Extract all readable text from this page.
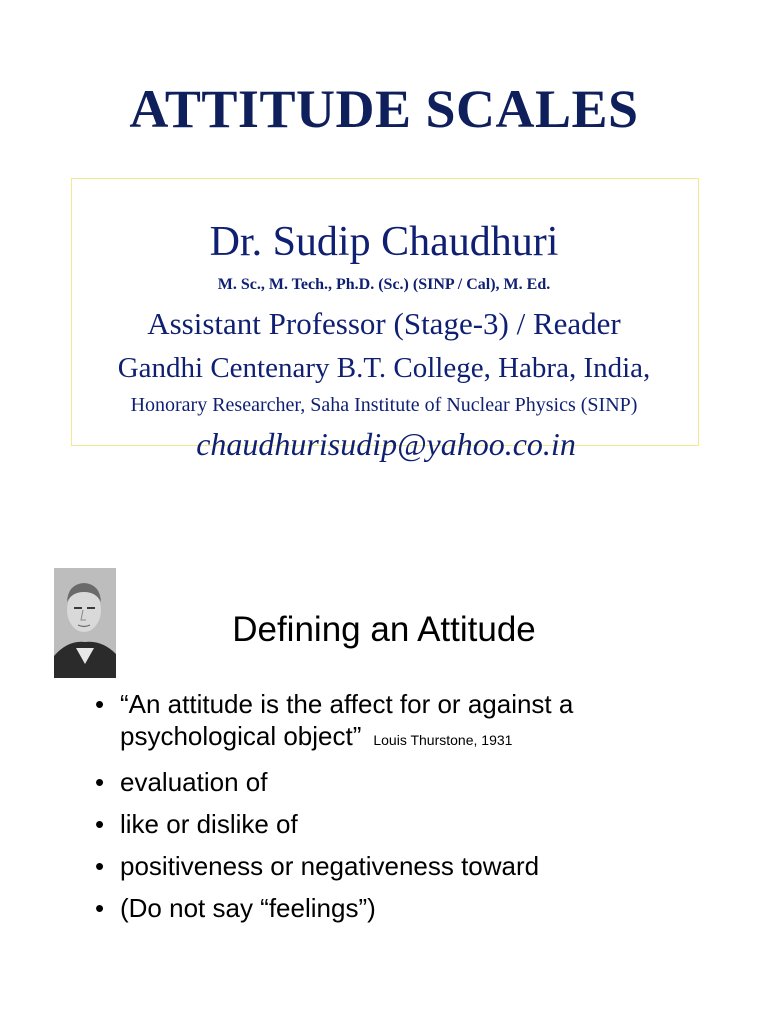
ATTITUDE SCALES
Dr. Sudip Chaudhuri
M. Sc., M. Tech., Ph.D. (Sc.) (SINP / Cal), M. Ed.
Assistant Professor (Stage-3) / Reader
Gandhi Centenary B.T. College, Habra, India,
Honorary Researcher, Saha Institute of Nuclear Physics (SINP)
chaudhurisudip@yahoo.co.in
Defining an Attitude
• “An attitude is the affect for or against a psychological object” Louis Thurstone, 1931
• evaluation of
• like or dislike of
• positiveness or negativeness toward
• (Do not say “feelings”)
